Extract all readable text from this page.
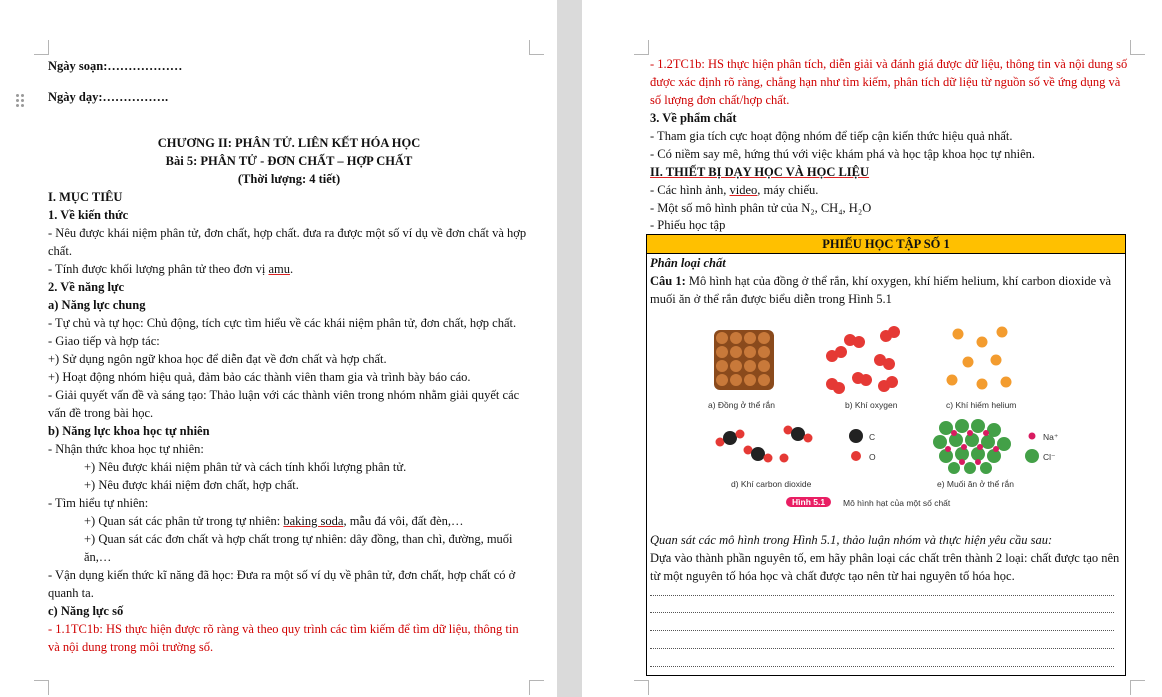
Ngày soạn:………………
Ngày dạy:…………….
CHƯƠNG II: PHÂN TỬ. LIÊN KẾT HÓA HỌC
Bài 5: PHÂN TỬ - ĐƠN CHẤT – HỢP CHẤT
(Thời lượng: 4 tiết)
I. MỤC TIÊU
1. Về kiến thức
- Nêu được khái niệm phân tử, đơn chất, hợp chất. đưa ra được một số ví dụ về đơn chất và hợp
chất.
- Tính được khối lượng phân tử theo đơn vị amu.
2. Về năng lực
a) Năng lực chung
- Tự chủ và tự học: Chủ động, tích cực tìm hiểu về các khái niệm phân tử, đơn chất, hợp chất.
- Giao tiếp và hợp tác:
+) Sử dụng ngôn ngữ khoa học để diễn đạt về đơn chất và hợp chất.
+) Hoạt động nhóm hiệu quả, đảm bảo các thành viên tham gia và trình bày báo cáo.
- Giải quyết vấn đề và sáng tạo: Thảo luận với các thành viên trong nhóm nhằm giải quyết các
vấn đề trong bài học.
b) Năng lực khoa học tự nhiên
- Nhận thức khoa học tự nhiên:
+) Nêu được khái niệm phân tử và cách tính khối lượng phân tử.
+) Nêu được khái niệm đơn chất, hợp chất.
- Tìm hiểu tự nhiên:
+) Quan sát các phân tử trong tự nhiên: baking soda, mẫu đá vôi, đất đèn,…
+) Quan sát các đơn chất và hợp chất trong tự nhiên: dây đồng, than chì, đường, muối
ăn,…
- Vận dụng kiến thức kĩ năng đã học: Đưa ra một số ví dụ về phân tử, đơn chất, hợp chất có ở
quanh ta.
c) Năng lực số
- 1.1TC1b: HS thực hiện được rõ ràng và theo quy trình các tìm kiếm để tìm dữ liệu, thông tin
và nội dung trong môi trường số.
- 1.2TC1b: HS thực hiện phân tích, diễn giải và đánh giá được dữ liệu, thông tin và nội dung số
được xác định rõ ràng, chẳng hạn như tìm kiếm, phân tích dữ liệu từ nguồn số về ứng dụng và
số lượng đơn chất/hợp chất.
3. Về phẩm chất
- Tham gia tích cực hoạt động nhóm để tiếp cận kiến thức hiệu quả nhất.
- Có niềm say mê, hứng thú với việc khám phá và học tập khoa học tự nhiên.
II. THIẾT BỊ DẠY HỌC VÀ HỌC LIỆU
- Các hình ảnh, video, máy chiếu.
- Một số mô hình phân tử của N₂, CH₄, H₂O
- Phiếu học tập
PHIẾU HỌC TẬP SỐ 1
Phân loại chất
Câu 1: Mô hình hạt của đồng ở thể rắn, khí oxygen, khí hiếm helium, khí carbon dioxide và
muối ăn ở thể rắn được biểu diễn trong Hình 5.1
a) Đồng ở thể rắn	b) Khí oxygen	c) Khí hiếm helium
C
O
Na⁺
Cl⁻
d) Khí carbon dioxide	e) Muối ăn ở thể rắn
Hình 5.1	Mô hình hạt của một số chất
Quan sát các mô hình trong Hình 5.1, thảo luận nhóm và thực hiện yêu cầu sau:
Dựa vào thành phần nguyên tố, em hãy phân loại các chất trên thành 2 loại: chất được tạo nên
từ một nguyên tố hóa học và chất được tạo nên từ hai nguyên tố hóa học.
